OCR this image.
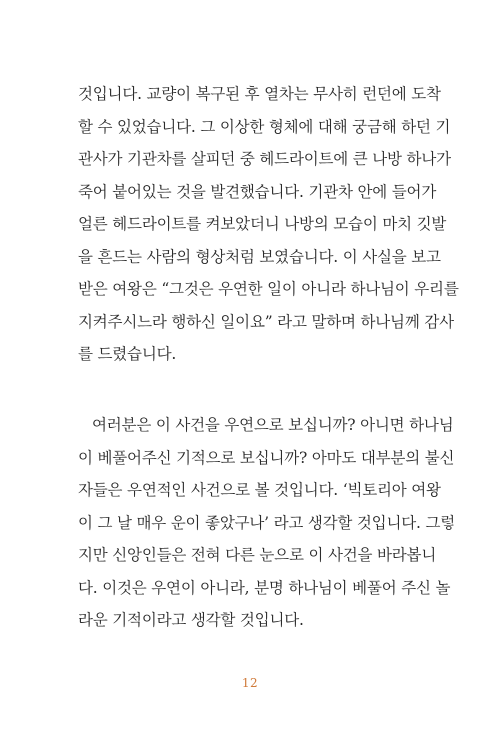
것입니다. 교량이 복구된 후 열차는 무사히 런던에 도착
할 수 있었습니다. 그 이상한 형체에 대해 궁금해 하던 기
관사가 기관차를 살피던 중 헤드라이트에 큰 나방 하나가
죽어 붙어있는 것을 발견했습니다. 기관차 안에 들어가
얼른 헤드라이트를 켜보았더니 나방의 모습이 마치 깃발
을 흔드는 사람의 형상처럼 보였습니다. 이 사실을 보고
받은 여왕은 “그것은 우연한 일이 아니라 하나님이 우리를
지켜주시느라 행하신 일이요” 라고 말하며 하나님께 감사
를 드렸습니다.
여러분은 이 사건을 우연으로 보십니까? 아니면 하나님
이 베풀어주신 기적으로 보십니까? 아마도 대부분의 불신
자들은 우연적인 사건으로 볼 것입니다. ‘빅토리아 여왕
이 그 날 매우 운이 좋았구나’ 라고 생각할 것입니다. 그렇
지만 신앙인들은 전혀 다른 눈으로 이 사건을 바라봅니
다. 이것은 우연이 아니라, 분명 하나님이 베풀어 주신 놀
라운 기적이라고 생각할 것입니다.
12
